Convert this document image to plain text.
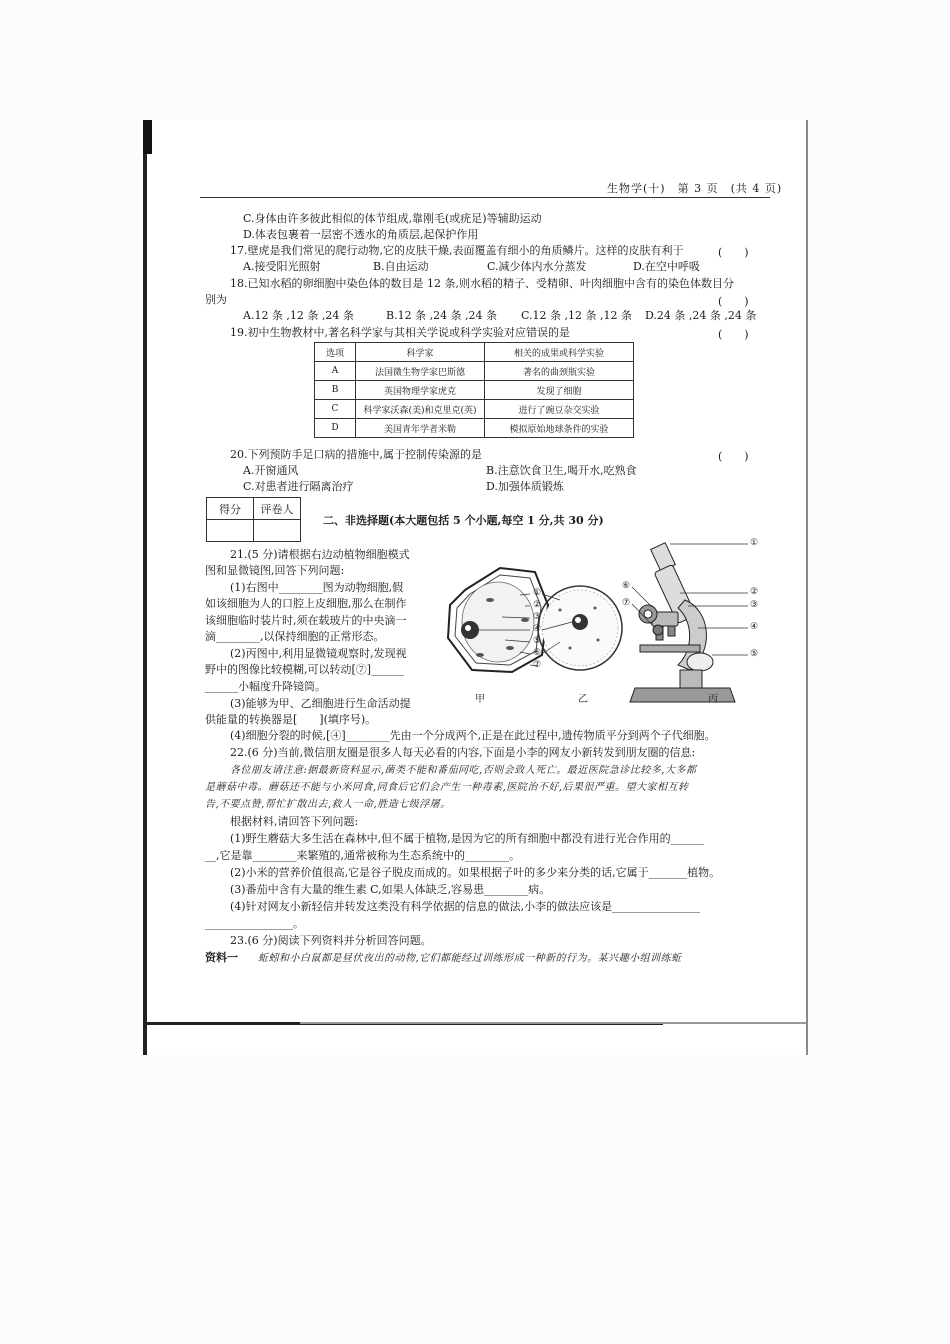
生物学(十)　第 3 页　(共 4 页)
C.身体由许多彼此相似的体节组成,靠刚毛(或疣足)等辅助运动
D.体表包裹着一层密不透水的角质层,起保护作用
17.壁虎是我们常见的爬行动物,它的皮肤干燥,表面覆盖有细小的角质鳞片。这样的皮肤有利于	(　　)
A.接受阳光照射	B.自由运动	C.减少体内水分蒸发	D.在空中呼吸
18.已知水稻的卵细胞中染色体的数目是 12 条,则水稻的精子、受精卵、叶肉细胞中含有的染色体数目分
别为	(　　)
A.12 条 ,12 条 ,24 条	B.12 条 ,24 条 ,24 条 C.12 条 ,12 条 ,12 条 D.24 条 ,24 条 ,24 条
19.初中生物教材中,著名科学家与其相关学说或科学实验对应错误的是	(　　)
选项	科学家	相关的成果或科学实验
A	法国微生物学家巴斯德	著名的曲颈瓶实验
B	英国物理学家虎克	发现了细胞
C	科学家沃森(美)和克里克(英)	进行了豌豆杂交实验
D	美国青年学者米勒	模拟原始地球条件的实验
20.下列预防手足口病的措施中,属于控制传染源的是	(　　)
A.开窗通风	B.注意饮食卫生,喝开水,吃熟食
C.对患者进行隔离治疗	D.加强体质锻炼
得分	评卷人

二、非选择题(本大题包括 5 个小题,每空 1 分,共 30 分)
21.(5 分)请根据右边动植物细胞模式
图和显微镜图,回答下列问题:
(1)右图中________图为动物细胞,假
如该细胞为人的口腔上皮细胞,那么在制作
该细胞临时装片时,须在载玻片的中央滴一
滴________,以保持细胞的正常形态。
(2)丙图中,利用显微镜观察时,发现视
野中的图像比较模糊,可以转动[⑦]______
______小幅度升降镜筒。
(3)能够为甲、乙细胞进行生命活动提
供能量的转换器是[　　](填序号)。
(4)细胞分裂的时候,[④]________先由一个分成两个,正是在此过程中,遗传物质平分到两个子代细胞。
①
②
③
④
⑤
⑥
⑦
①
②
③
④
⑤
⑥
⑦
甲	乙	丙
22.(6 分)当前,微信朋友圈是很多人每天必看的内容,下面是小李的网友小新转发到朋友圈的信息:
各位朋友请注意:据最新资料显示,菌类不能和番茄同吃,否则会致人死亡。最近医院急诊比较多,大多都
是蘑菇中毒。蘑菇还不能与小米同食,同食后它们会产生一种毒素,医院治不好,后果很严重。望大家相互转
告,不要点赞,帮忙扩散出去,救人一命,胜造七级浮屠。
根据材料,请回答下列问题:
(1)野生蘑菇大多生活在森林中,但不属于植物,是因为它的所有细胞中都没有进行光合作用的______
__,它是靠________来繁殖的,通常被称为生态系统中的________。
(2)小米的营养价值很高,它是谷子脱皮而成的。如果根据子叶的多少来分类的话,它属于_______植物。
(3)番茄中含有大量的维生素 C,如果人体缺乏,容易患________病。
(4)针对网友小新轻信并转发这类没有科学依据的信息的做法,小李的做法应该是________________
________________。
23.(6 分)阅读下列资料并分析回答问题。
资料一 蚯蚓和小白鼠都是昼伏夜出的动物,它们都能经过训练形成一种新的行为。某兴趣小组训练蚯
